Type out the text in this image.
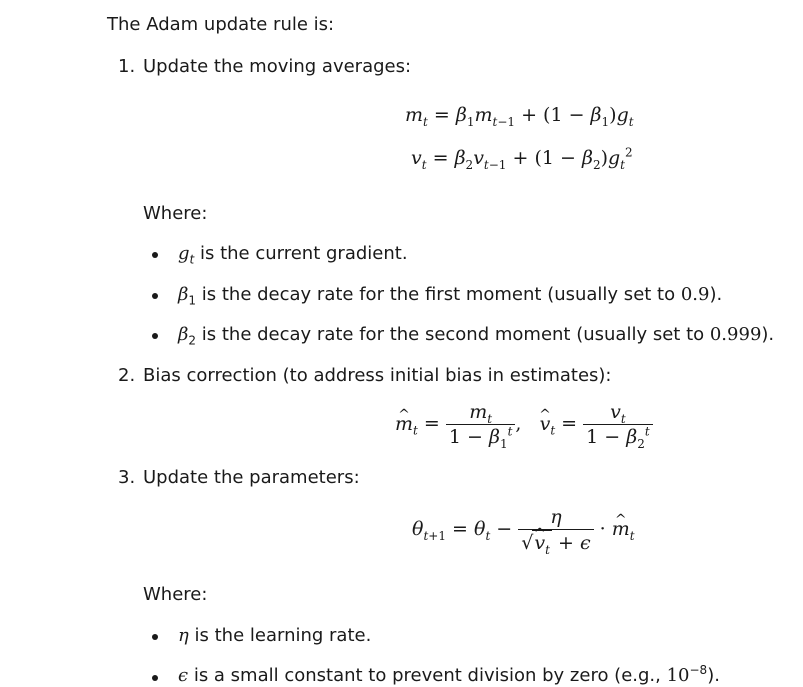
The Adam update rule is:
1. Update the moving averages:
$m_t = \beta_1m_{t-1} + (1 - \beta_1)g_t$
$v_t = \beta_2v_{t-1} + (1 - \beta_2)g_t^2$
Where:
$g_t$ is the current gradient.
$\beta_1$ is the decay rate for the first moment (usually set to 0.9).
$\beta_2$ is the decay rate for the second moment (usually set to 0.999).
2. Bias correction (to address initial bias in estimates):
^ $m_t = \frac{m_t}{1 - \beta_1^t}$ ,   ^ $v_t = \frac{v_t}{1 - \beta_2^t}$
3. Update the parameters:
$\theta_{t+1} = \theta_t - \frac{\eta}{√\^{} v_t + \epsilon}$ · ^ $m_t$
Where:
η is the learning rate.
ϵ is a small constant to prevent division by zero (e.g., $10^{-8}$).
